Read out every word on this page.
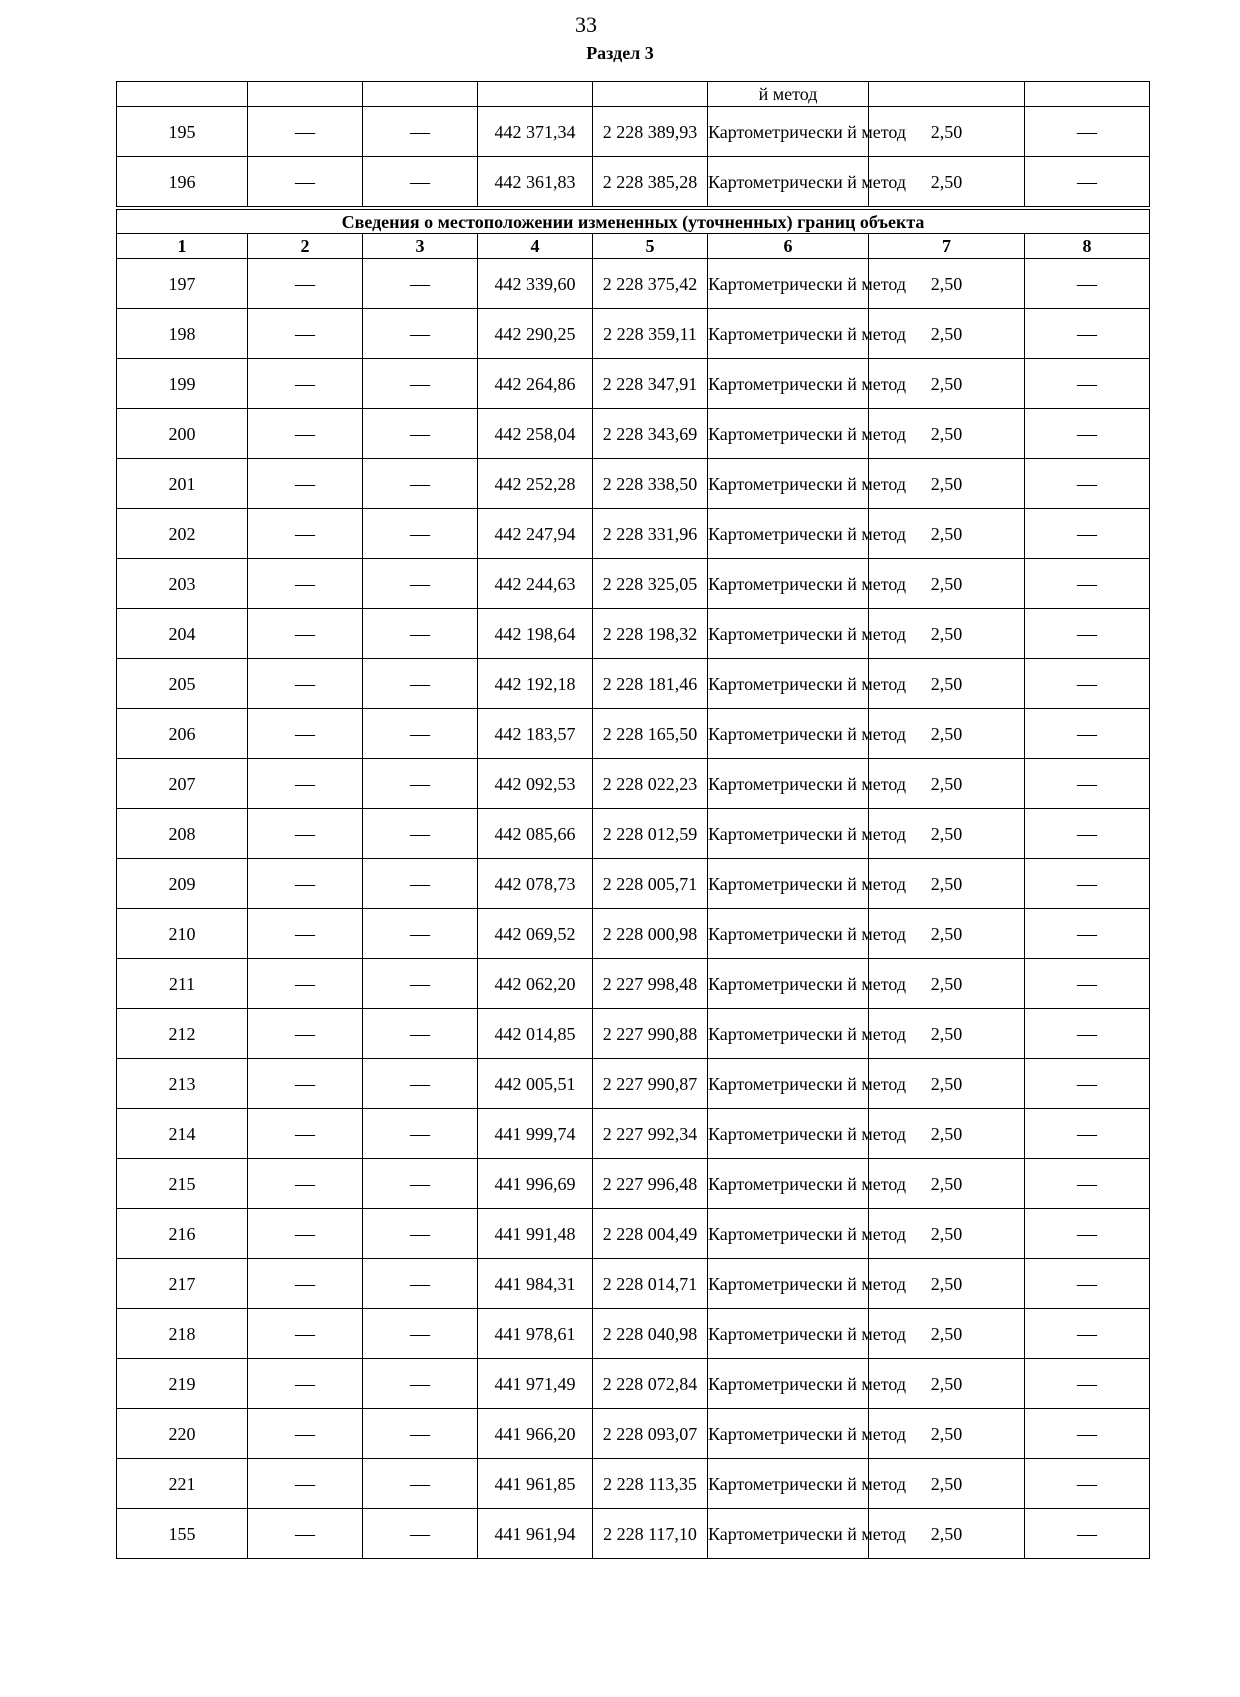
33
Раздел 3
					й метод		
195	—	—	442 371,34	2 228 389,93	Картометрически й метод	2,50	—
196	—	—	442 361,83	2 228 385,28	Картометрически й метод	2,50	—
Сведения о местоположении измененных (уточненных) границ объекта							
1	2	3	4	5	6	7	8
197	—	—	442 339,60	2 228 375,42	Картометрически й метод	2,50	—
198	—	—	442 290,25	2 228 359,11	Картометрически й метод	2,50	—
199	—	—	442 264,86	2 228 347,91	Картометрически й метод	2,50	—
200	—	—	442 258,04	2 228 343,69	Картометрически й метод	2,50	—
201	—	—	442 252,28	2 228 338,50	Картометрически й метод	2,50	—
202	—	—	442 247,94	2 228 331,96	Картометрически й метод	2,50	—
203	—	—	442 244,63	2 228 325,05	Картометрически й метод	2,50	—
204	—	—	442 198,64	2 228 198,32	Картометрически й метод	2,50	—
205	—	—	442 192,18	2 228 181,46	Картометрически й метод	2,50	—
206	—	—	442 183,57	2 228 165,50	Картометрически й метод	2,50	—
207	—	—	442 092,53	2 228 022,23	Картометрически й метод	2,50	—
208	—	—	442 085,66	2 228 012,59	Картометрически й метод	2,50	—
209	—	—	442 078,73	2 228 005,71	Картометрически й метод	2,50	—
210	—	—	442 069,52	2 228 000,98	Картометрически й метод	2,50	—
211	—	—	442 062,20	2 227 998,48	Картометрически й метод	2,50	—
212	—	—	442 014,85	2 227 990,88	Картометрически й метод	2,50	—
213	—	—	442 005,51	2 227 990,87	Картометрически й метод	2,50	—
214	—	—	441 999,74	2 227 992,34	Картометрически й метод	2,50	—
215	—	—	441 996,69	2 227 996,48	Картометрически й метод	2,50	—
216	—	—	441 991,48	2 228 004,49	Картометрически й метод	2,50	—
217	—	—	441 984,31	2 228 014,71	Картометрически й метод	2,50	—
218	—	—	441 978,61	2 228 040,98	Картометрически й метод	2,50	—
219	—	—	441 971,49	2 228 072,84	Картометрически й метод	2,50	—
220	—	—	441 966,20	2 228 093,07	Картометрически й метод	2,50	—
221	—	—	441 961,85	2 228 113,35	Картометрически й метод	2,50	—
155	—	—	441 961,94	2 228 117,10	Картометрически й метод	2,50	—
